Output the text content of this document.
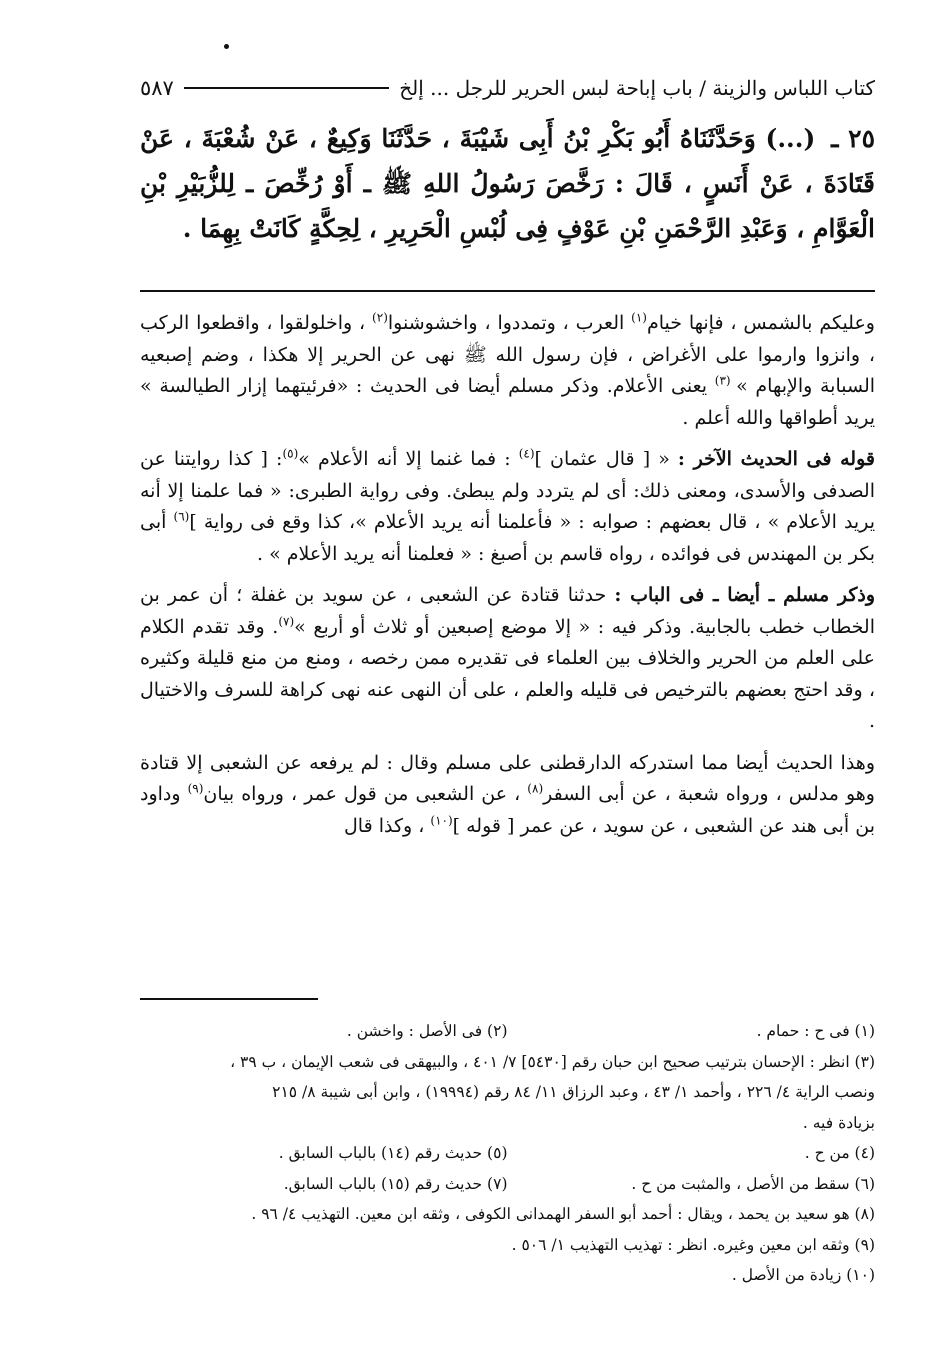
كتاب اللباس والزينة / باب إباحة لبس الحرير للرجل ... إلخ
٥٨٧
٢٥ ـ (...) وَحَدَّثَنَاهُ أَبُو بَكْرِ بْنُ أَبِى شَيْبَةَ ، حَدَّثَنَا وَكِيعٌ ، عَنْ شُعْبَةَ ، عَنْ قَتَادَةَ ، عَنْ أَنَسٍ ، قَالَ : رَخَّصَ رَسُولُ اللهِ ﷺ ـ أَوْ رُخِّصَ ـ لِلزُّبَيْرِ بْنِ الْعَوَّامِ ، وَعَبْدِ الرَّحْمَنِ بْنِ عَوْفٍ فِى لُبْسِ الْحَرِيرِ ، لِحِكَّةٍ كَانَتْ بِهِمَا .

وعليكم بالشمس ، فإنها خيام$^{(١)}$ العرب ، وتمددوا ، واخشوشنوا$^{(٢)}$ ، واخلولقوا ، واقطعوا الركب ، وانزوا وارموا على الأغراض ، فإن رسول الله ﷺ نهى عن الحرير إلا هكذا ، وضم إصبعيه السبابة والإبهام » $^{(٣)}$ يعنى الأعلام. وذكر مسلم أيضا فى الحديث : «فرئيتهما إزار الطيالسة » يريد أطواقها والله أعلم .

قوله فى الحديث الآخر : « [ قال عثمان ]$^{(٤)}$ : فما غنما إلا أنه الأعلام »$^{(٥)}$: [ كذا روايتنا عن الصدفى والأسدى، ومعنى ذلك: أى لم يتردد ولم يبطئ. وفى رواية الطبرى: « فما علمنا إلا أنه يريد الأعلام » ، قال بعضهم : صوابه : « فأعلمنا أنه يريد الأعلام »، كذا وقع فى رواية ]$^{(٦)}$ أبى بكر بن المهندس فى فوائده ، رواه قاسم بن أصبغ : « فعلمنا أنه يريد الأعلام » .

وذكر مسلم ـ أيضا ـ فى الباب : حدثنا قتادة عن الشعبى ، عن سويد بن غفلة ؛ أن عمر بن الخطاب خطب بالجابية. وذكر فيه : « إلا موضع إصبعين أو ثلاث أو أربع »$^{(٧)}$. وقد تقدم الكلام على العلم من الحرير والخلاف بين العلماء فى تقديره ممن رخصه ، ومنع من منع قليلة وكثيره ، وقد احتج بعضهم بالترخيص فى قليله والعلم ، على أن النهى عنه نهى كراهة للسرف والاختيال .

وهذا الحديث أيضا مما استدركه الدارقطنى على مسلم وقال : لم يرفعه عن الشعبى إلا قتادة وهو مدلس ، ورواه شعبة ، عن أبى السفر$^{(٨)}$ ، عن الشعبى من قول عمر ، ورواه بيان$^{(٩)}$ وداود بن أبى هند عن الشعبى ، عن سويد ، عن عمر [ قوله ]$^{(١٠)}$ ، وكذا قال

(١) فى ح : حمام .
(٢) فى الأصل : واخشن .
(٣) انظر : الإحسان بترتيب صحيح ابن حبان رقم [٥٤٣٠] ٧/ ٤٠١ ، والبيهقى فى شعب الإيمان ، ب ٣٩ ،
ونصب الراية ٤/ ٢٢٦ ، وأحمد ١/ ٤٣ ، وعبد الرزاق ١١/ ٨٤ رقم (١٩٩٩٤) ، وابن أبى شيبة ٨/ ٢١٥
بزيادة فيه .
(٤) من ح .
(٥) حديث رقم (١٤) بالباب السابق .
(٦) سقط من الأصل ، والمثبت من ح .
(٧) حديث رقم (١٥) بالباب السابق.
(٨) هو سعيد بن يحمد ، ويقال : أحمد أبو السفر الهمدانى الكوفى ، وثقه ابن معين. التهذيب ٤/ ٩٦ .
(٩) وثقه ابن معين وغيره. انظر : تهذيب التهذيب ١/ ٥٠٦ .
(١٠) زيادة من الأصل .
